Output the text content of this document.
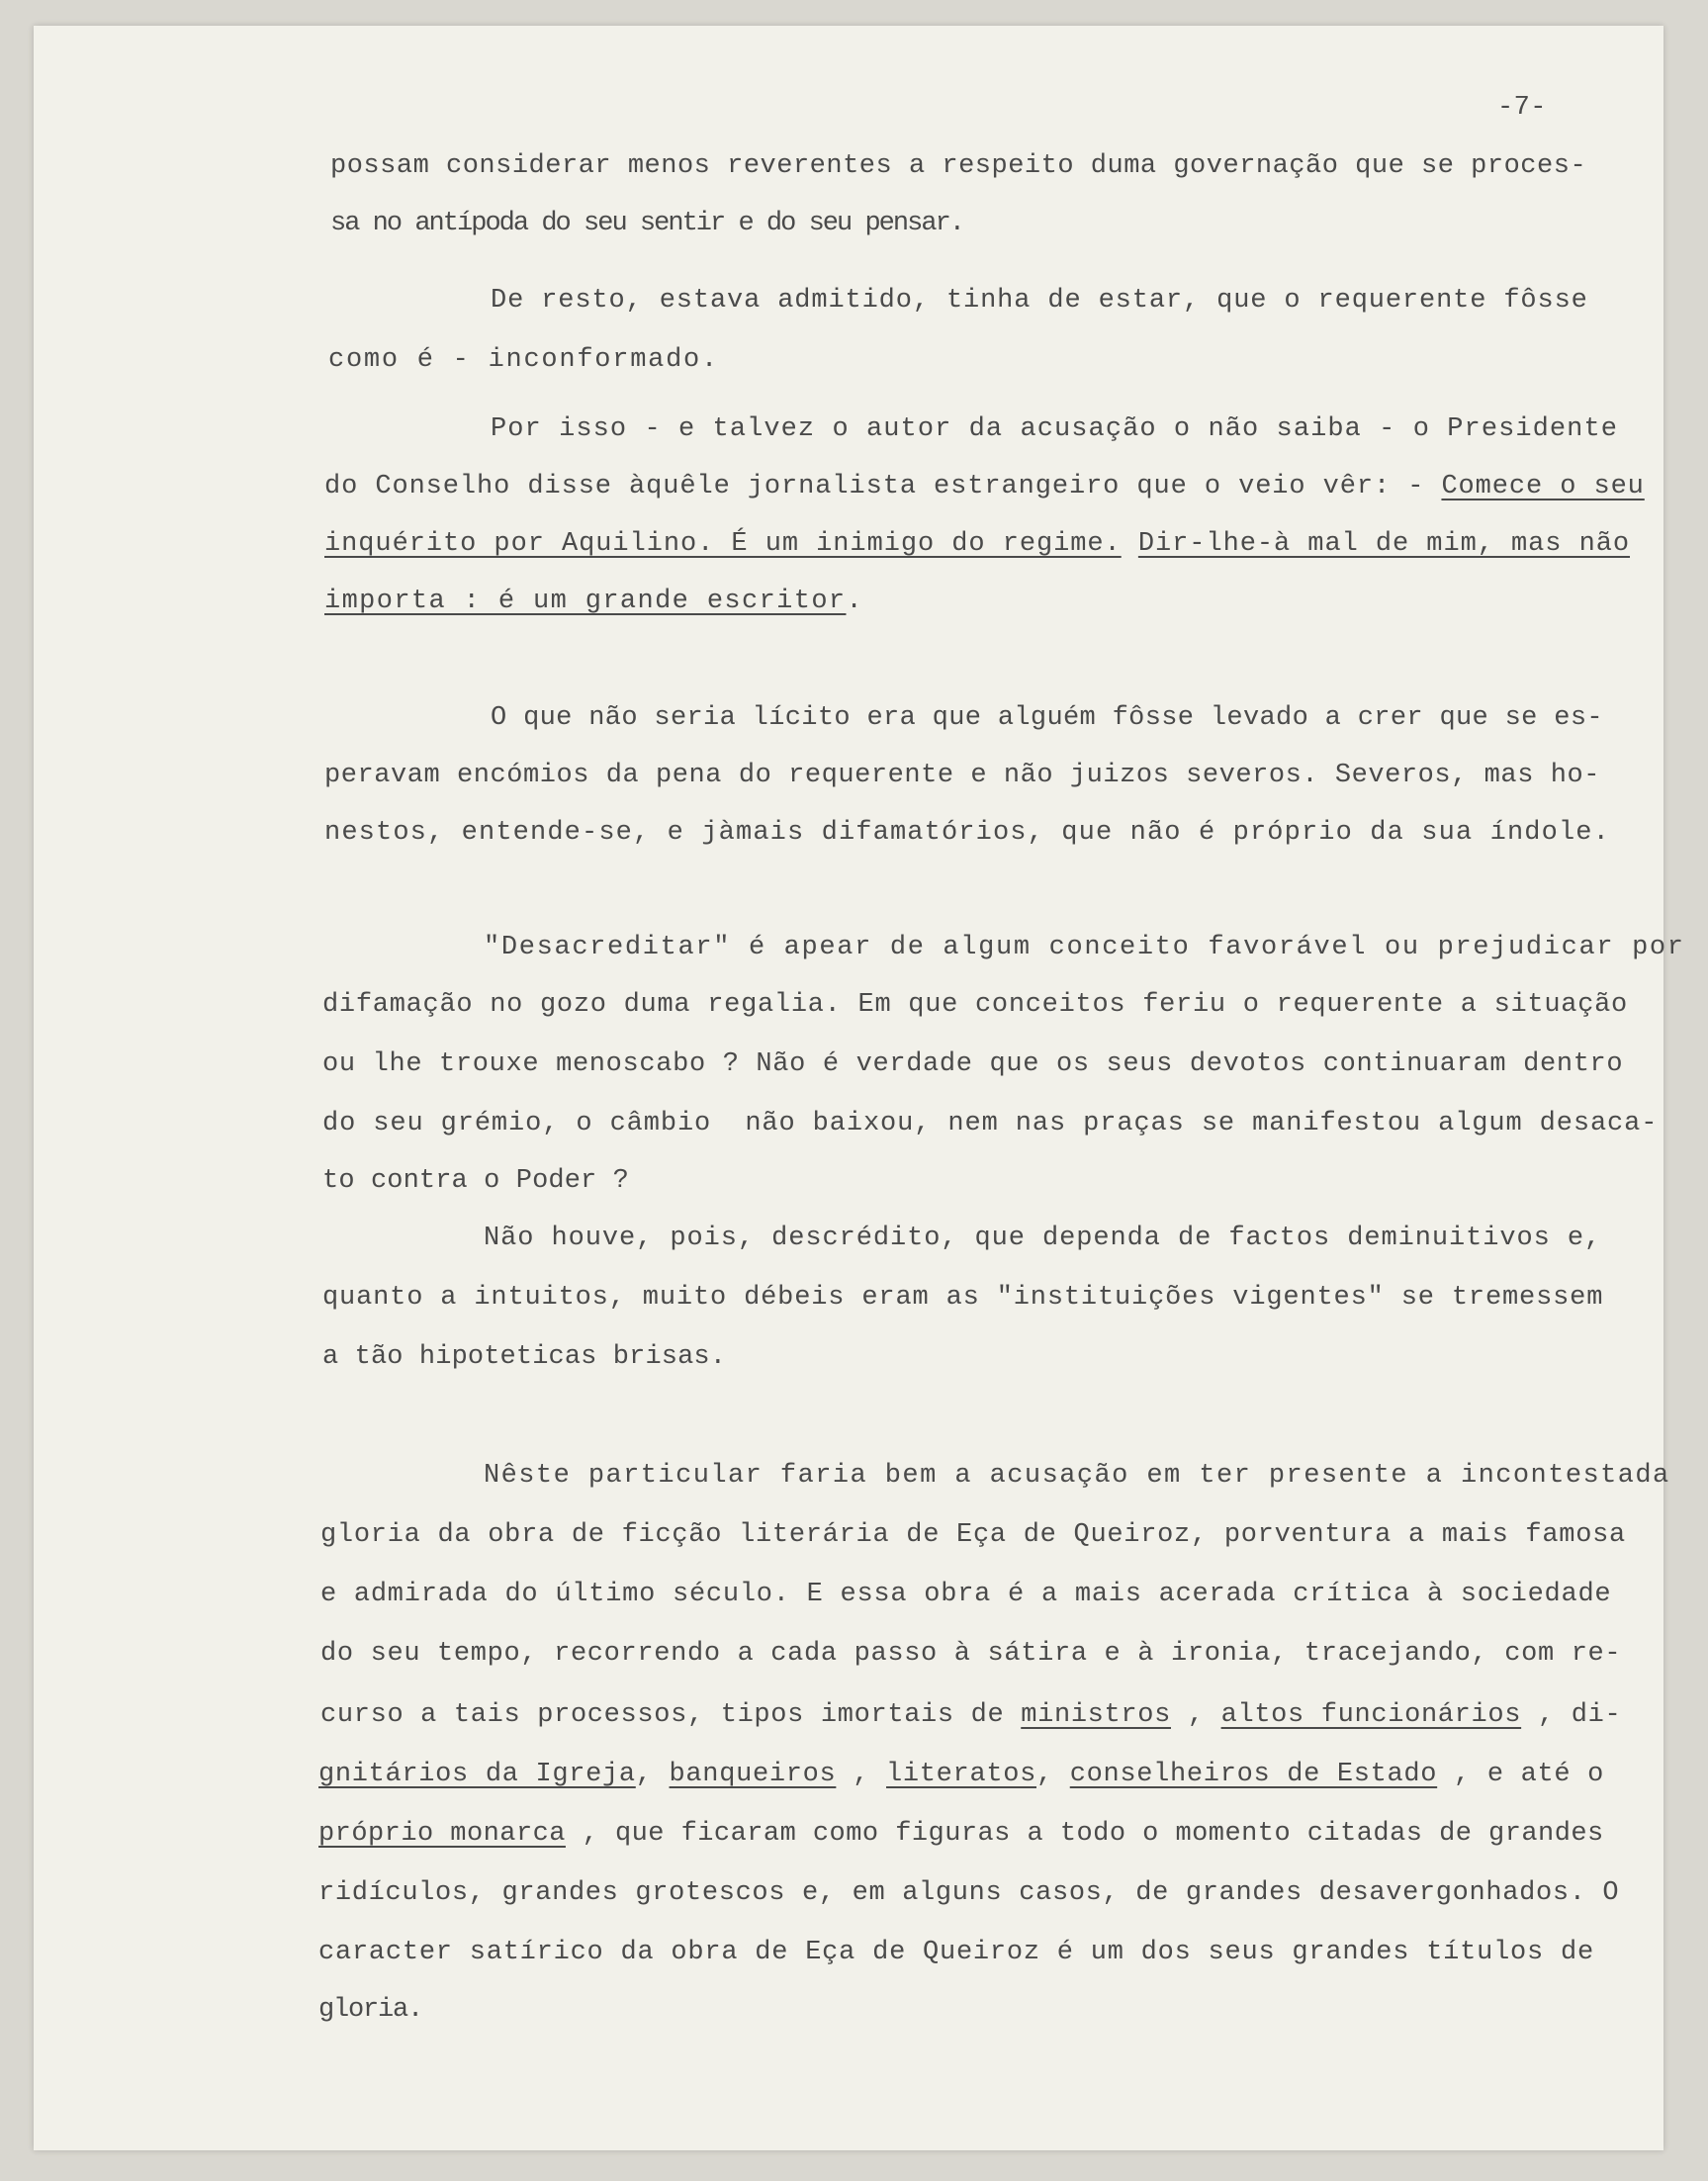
-7-
possam considerar menos reverentes a respeito duma governação que se proces-
sa no antípoda do seu sentir e do seu pensar.
De resto, estava admitido, tinha de estar, que o requerente fôsse
como é - inconformado.
Por isso - e talvez o autor da acusação o não saiba - o Presidente
do Conselho disse àquêle jornalista estrangeiro que o veio vêr: - Comece o seu
inquérito por Aquilino. É um inimigo do regime. Dir-lhe-à mal de mim, mas não
importa : é um grande escritor.
O que não seria lícito era que alguém fôsse levado a crer que se es-
peravam encómios da pena do requerente e não juizos severos. Severos, mas ho-
nestos, entende-se, e jàmais difamatórios, que não é próprio da sua índole.
"Desacreditar" é apear de algum conceito favorável ou prejudicar por
difamação no gozo duma regalia. Em que conceitos feriu o requerente a situação
ou lhe trouxe menoscabo ? Não é verdade que os seus devotos continuaram dentro
do seu grémio, o câmbio  não baixou, nem nas praças se manifestou algum desaca-
to contra o Poder ?
Não houve, pois, descrédito, que dependa de factos deminuitivos e,
quanto a intuitos, muito débeis eram as "instituições vigentes" se tremessem
a tão hipoteticas brisas.
Nêste particular faria bem a acusação em ter presente a incontestada
gloria da obra de ficção literária de Eça de Queiroz, porventura a mais famosa
e admirada do último século. E essa obra é a mais acerada crítica à sociedade
do seu tempo, recorrendo a cada passo à sátira e à ironia, tracejando, com re-
curso a tais processos, tipos imortais de ministros , altos funcionários , di-
gnitários da Igreja, banqueiros , literatos, conselheiros de Estado , e até o
próprio monarca , que ficaram como figuras a todo o momento citadas de grandes
ridículos, grandes grotescos e, em alguns casos, de grandes desavergonhados. O
caracter satírico da obra de Eça de Queiroz é um dos seus grandes títulos de
gloria.
